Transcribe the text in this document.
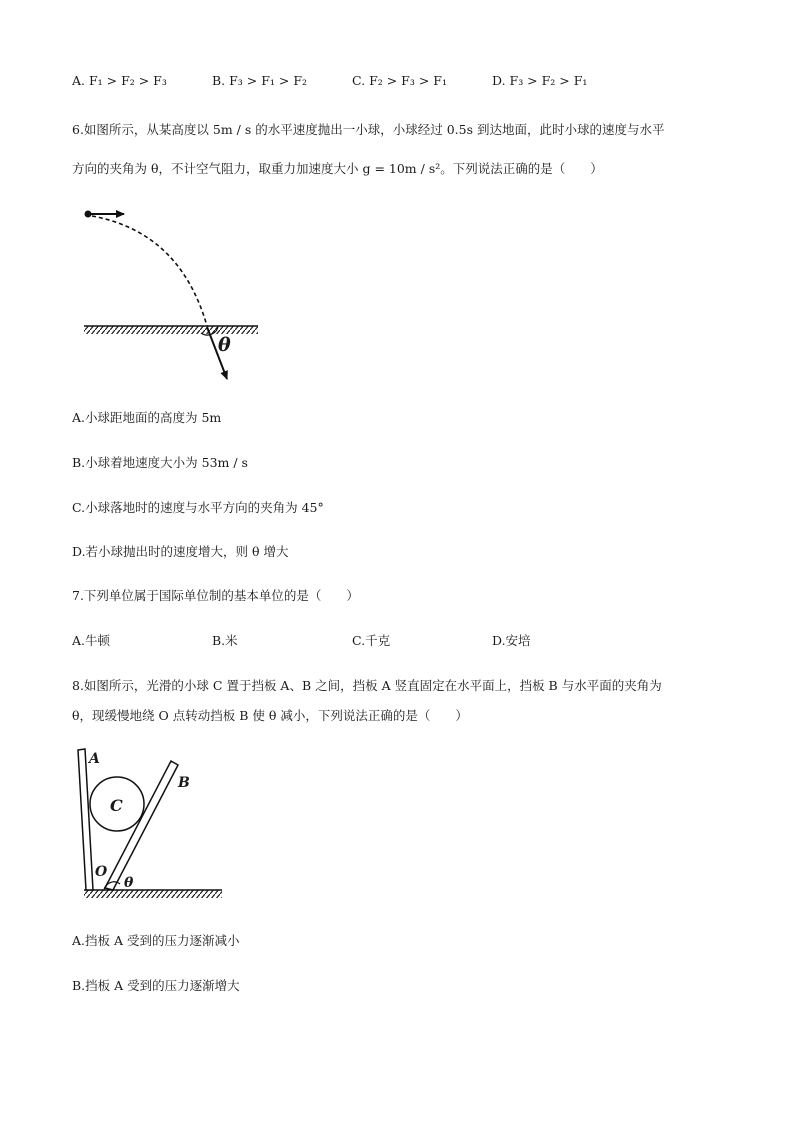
A. F₁ > F₂ > F₃	B. F₃ > F₁ > F₂	C. F₂ > F₃ > F₁	D. F₃ > F₂ > F₁
6.如图所示，从某高度以 5m / s 的水平速度抛出一小球，小球经过 0.5s 到达地面，此时小球的速度与水平
方向的夹角为 θ，不计空气阻力，取重力加速度大小 g = 10m / s²。下列说法正确的是（　　）
θ
A.小球距地面的高度为 5m
B.小球着地速度大小为 53m / s
C.小球落地时的速度与水平方向的夹角为 45°
D.若小球抛出时的速度增大，则 θ 增大
7.下列单位属于国际单位制的基本单位的是（　　）
A.牛顿	B.米	C.千克	D.安培
8.如图所示，光滑的小球 C 置于挡板 A、B 之间，挡板 A 竖直固定在水平面上，挡板 B 与水平面的夹角为
θ，现缓慢地绕 O 点转动挡板 B 使 θ 减小，下列说法正确的是（　　）
A
B
C
O
θ
A.挡板 A 受到的压力逐渐减小
B.挡板 A 受到的压力逐渐增大
